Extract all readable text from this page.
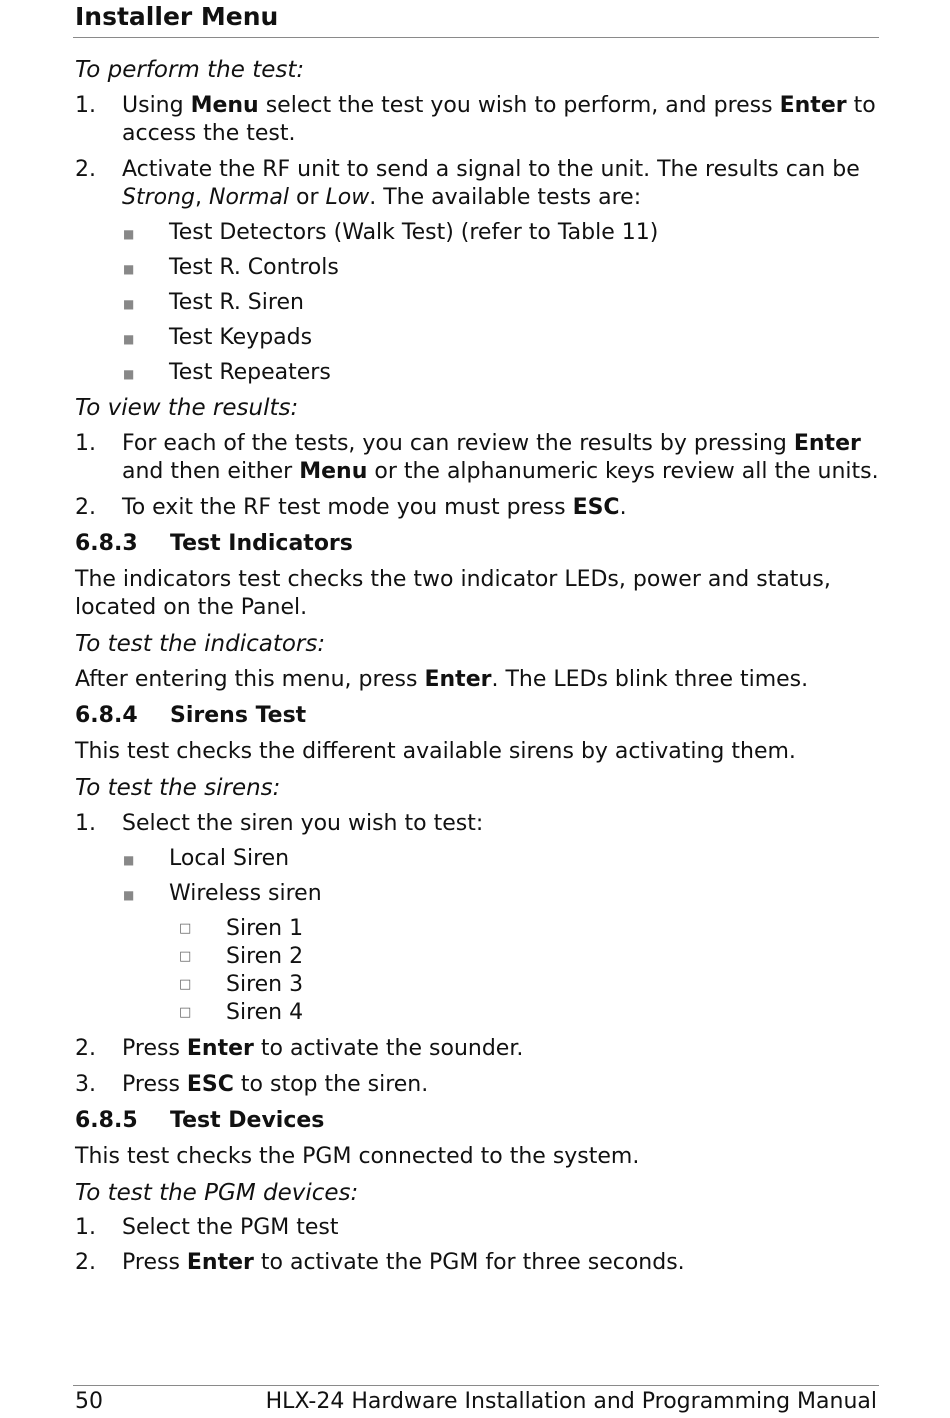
Installer Menu

To perform the test:

1. Using Menu select the test you wish to perform, and press Enter to access the test.
2. Activate the RF unit to send a signal to the unit. The results can be Strong, Normal or Low. The available tests are:
■ Test Detectors (Walk Test) (refer to Table 11)
■ Test R. Controls
■ Test R. Siren
■ Test Keypads
■ Test Repeaters

To view the results:

1. For each of the tests, you can review the results by pressing Enter and then either Menu or the alphanumeric keys review all the units.
2. To exit the RF test mode you must press ESC.
6.8.3 Test Indicators

The indicators test checks the two indicator LEDs, power and status, located on the Panel.

To test the indicators:

After entering this menu, press Enter. The LEDs blink three times.

6.8.4 Sirens Test

This test checks the different available sirens by activating them.

To test the sirens:

1. Select the siren you wish to test:
■ Local Siren
■ Wireless siren
□ Siren 1
□ Siren 2
□ Siren 3
□ Siren 4
2. Press Enter to activate the sounder.
3. Press ESC to stop the siren.
6.8.5 Test Devices

This test checks the PGM connected to the system.

To test the PGM devices:

1. Select the PGM test
2. Press Enter to activate the PGM for three seconds.
50	HLX-24 Hardware Installation and Programming Manual
